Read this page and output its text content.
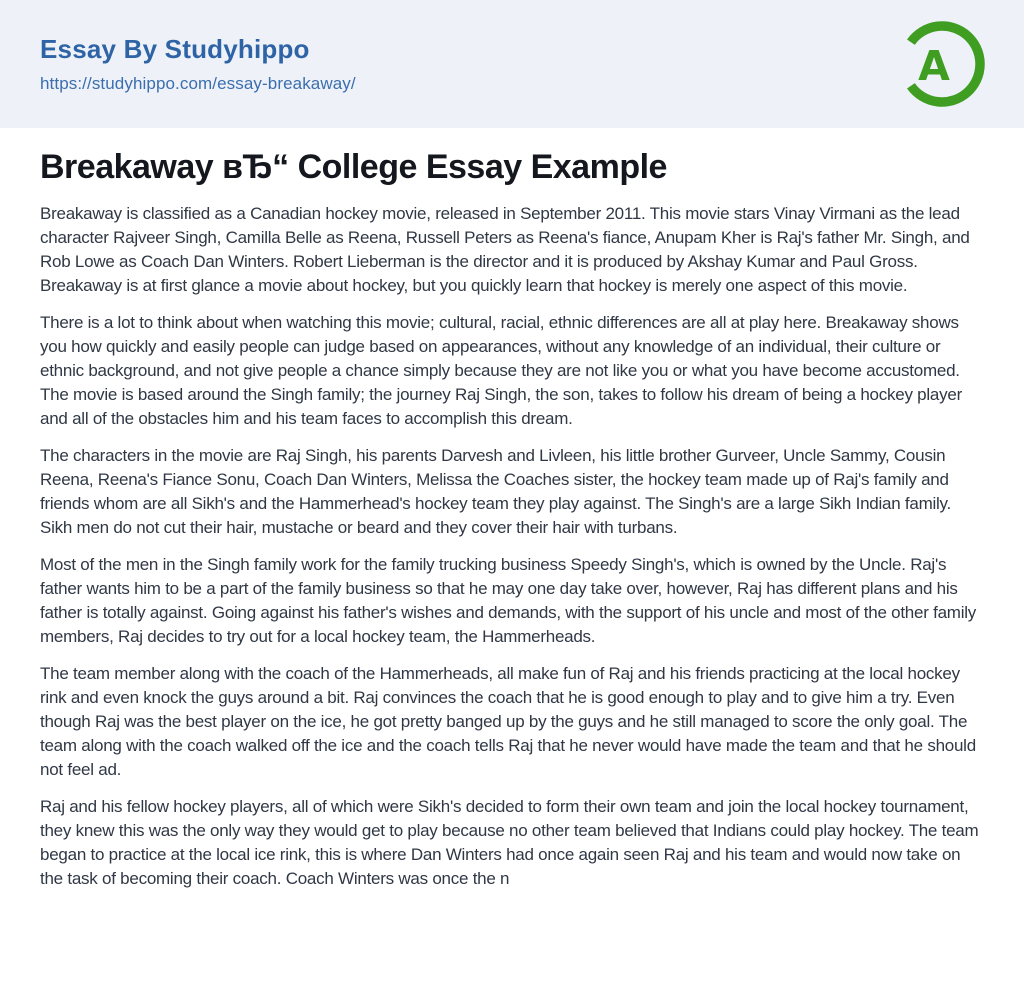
Essay By Studyhippo
https://studyhippo.com/essay-breakaway/	A
Breakaway вЂ“ College Essay Example

Breakaway is classified as a Canadian hockey movie, released in September 2011. This movie stars Vinay Virmani as the lead character Rajveer Singh, Camilla Belle as Reena, Russell Peters as Reena's fiance, Anupam Kher is Raj's father Mr. Singh, and Rob Lowe as Coach Dan Winters. Robert Lieberman is the director and it is produced by Akshay Kumar and Paul Gross. Breakaway is at first glance a movie about hockey, but you quickly learn that hockey is merely one aspect of this movie.

There is a lot to think about when watching this movie; cultural, racial, ethnic differences are all at play here. Breakaway shows you how quickly and easily people can judge based on appearances, without any knowledge of an individual, their culture or ethnic background, and not give people a chance simply because they are not like you or what you have become accustomed. The movie is based around the Singh family; the journey Raj Singh, the son, takes to follow his dream of being a hockey player and all of the obstacles him and his team faces to accomplish this dream.

The characters in the movie are Raj Singh, his parents Darvesh and Livleen, his little brother Gurveer, Uncle Sammy, Cousin Reena, Reena's Fiance Sonu, Coach Dan Winters, Melissa the Coaches sister, the hockey team made up of Raj's family and friends whom are all Sikh's and the Hammerhead's hockey team they play against. The Singh's are a large Sikh Indian family. Sikh men do not cut their hair, mustache or beard and they cover their hair with turbans.

Most of the men in the Singh family work for the family trucking business Speedy Singh's, which is owned by the Uncle. Raj's father wants him to be a part of the family business so that he may one day take over, however, Raj has different plans and his father is totally against. Going against his father's wishes and demands, with the support of his uncle and most of the other family members, Raj decides to try out for a local hockey team, the Hammerheads.

The team member along with the coach of the Hammerheads, all make fun of Raj and his friends practicing at the local hockey rink and even knock the guys around a bit. Raj convinces the coach that he is good enough to play and to give him a try. Even though Raj was the best player on the ice, he got pretty banged up by the guys and he still managed to score the only goal. The team along with the coach walked off the ice and the coach tells Raj that he never would have made the team and that he should not feel ad.

Raj and his fellow hockey players, all of which were Sikh's decided to form their own team and join the local hockey tournament, they knew this was the only way they would get to play because no other team believed that Indians could play hockey. The team began to practice at the local ice rink, this is where Dan Winters had once again seen Raj and his team and would now take on the task of becoming their coach. Coach Winters was once the n
